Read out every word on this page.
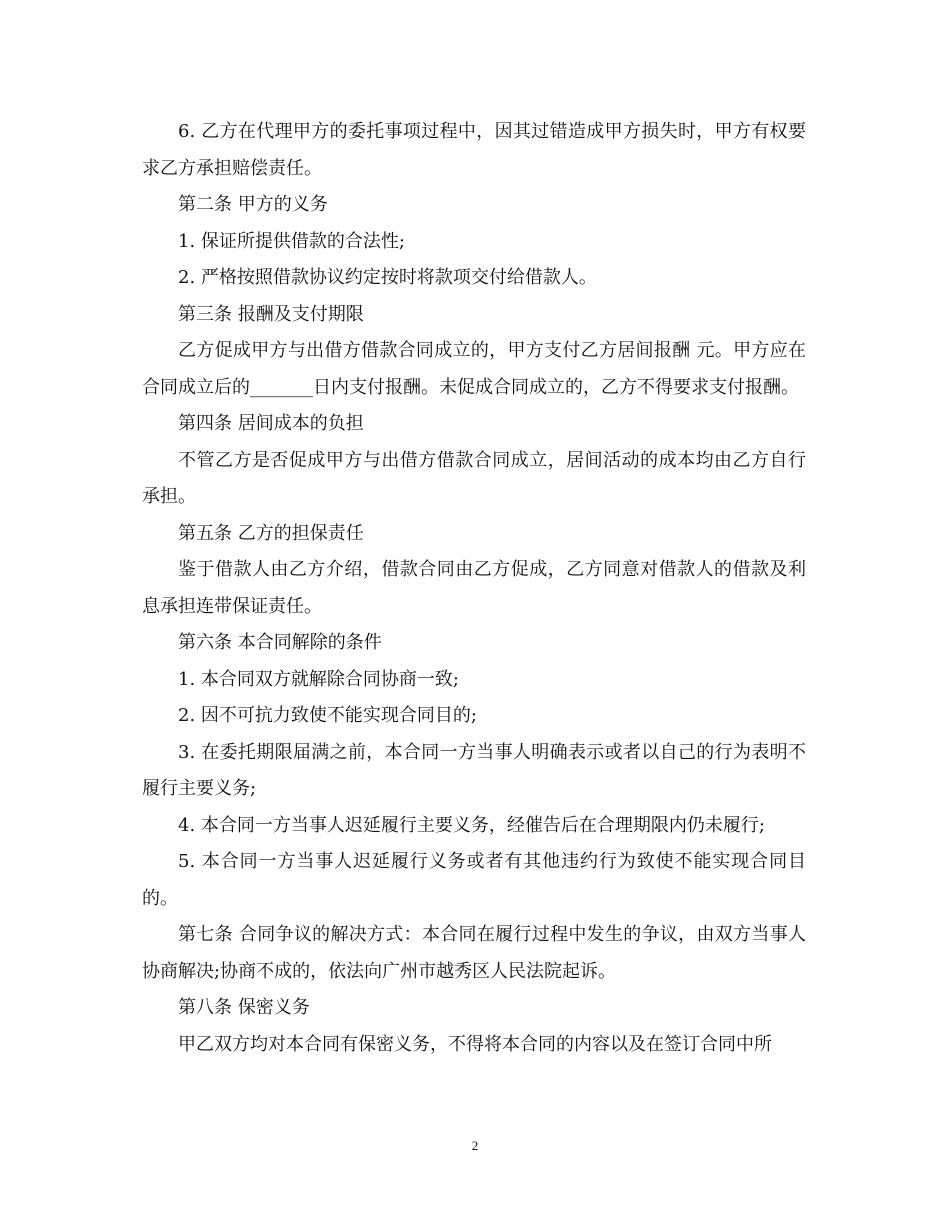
6. 乙方在代理甲方的委托事项过程中，因其过错造成甲方损失时，甲方有权要求乙方承担赔偿责任。

第二条 甲方的义务

1. 保证所提供借款的合法性;

2. 严格按照借款协议约定按时将款项交付给借款人。

第三条 报酬及支付期限

乙方促成甲方与出借方借款合同成立的，甲方支付乙方居间报酬 元。甲方应在合同成立后的_______日内支付报酬。未促成合同成立的，乙方不得要求支付报酬。

第四条 居间成本的负担

不管乙方是否促成甲方与出借方借款合同成立，居间活动的成本均由乙方自行承担。

第五条 乙方的担保责任

鉴于借款人由乙方介绍，借款合同由乙方促成，乙方同意对借款人的借款及利息承担连带保证责任。

第六条 本合同解除的条件

1. 本合同双方就解除合同协商一致;

2. 因不可抗力致使不能实现合同目的;

3. 在委托期限届满之前，本合同一方当事人明确表示或者以自己的行为表明不履行主要义务;

4. 本合同一方当事人迟延履行主要义务，经催告后在合理期限内仍未履行;

5. 本合同一方当事人迟延履行义务或者有其他违约行为致使不能实现合同目的。

第七条 合同争议的解决方式：本合同在履行过程中发生的争议，由双方当事人协商解决;协商不成的，依法向广州市越秀区人民法院起诉。

第八条 保密义务

甲乙双方均对本合同有保密义务，不得将本合同的内容以及在签订合同中所

2
